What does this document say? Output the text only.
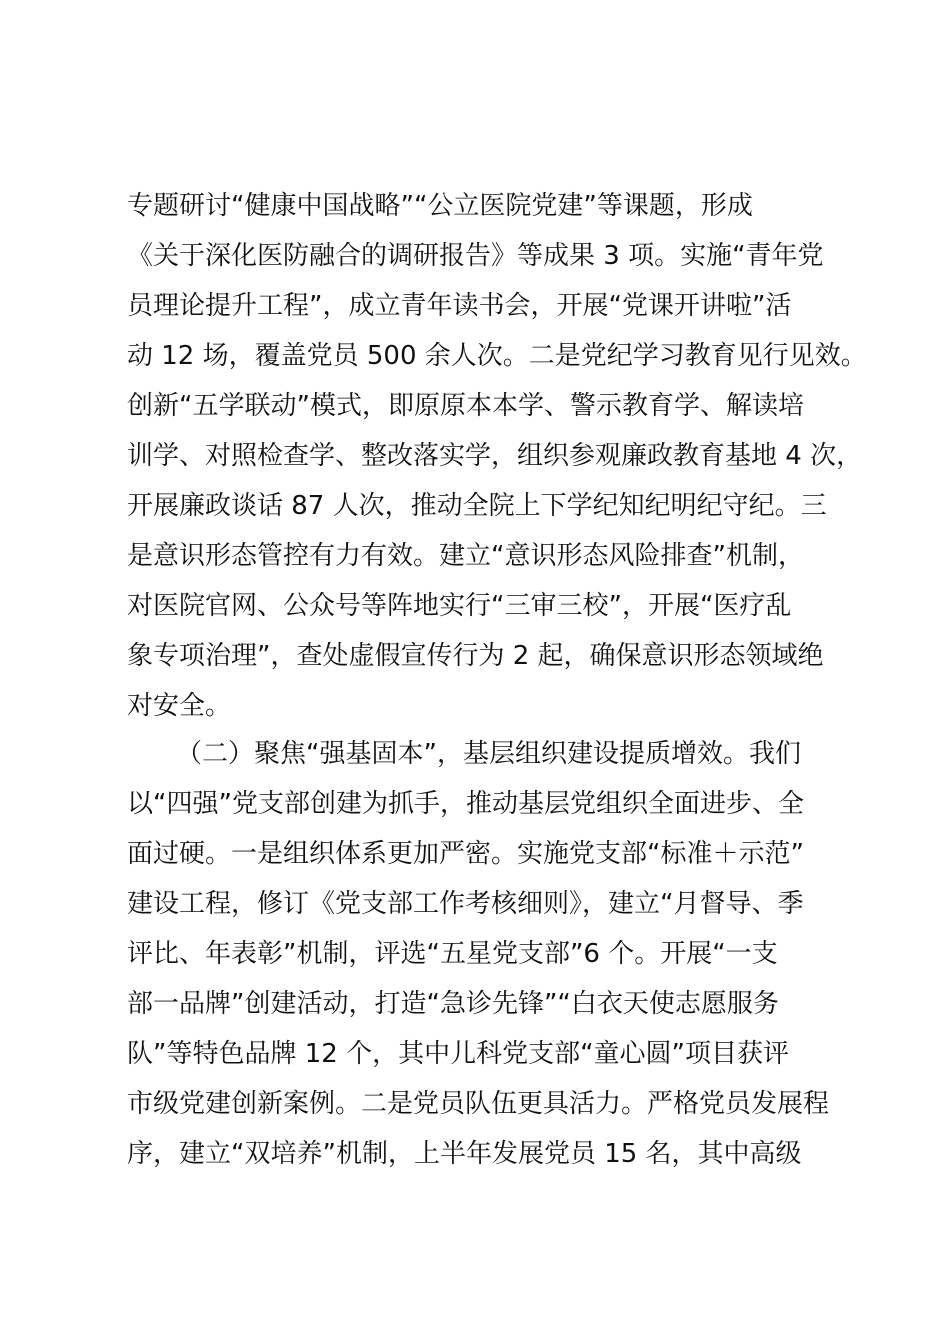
专题研讨“健康中国战略”“公立医院党建”等课题，形成
《关于深化医防融合的调研报告》等成果 3 项。实施“青年党
员理论提升工程”，成立青年读书会，开展“党课开讲啦”活
动 12 场，覆盖党员 500 余人次。二是党纪学习教育见行见效。
创新“五学联动”模式，即原原本本学、警示教育学、解读培
训学、对照检查学、整改落实学，组织参观廉政教育基地 4 次，
开展廉政谈话 87 人次，推动全院上下学纪知纪明纪守纪。三
是意识形态管控有力有效。建立“意识形态风险排查”机制，
对医院官网、公众号等阵地实行“三审三校”，开展“医疗乱
象专项治理”，查处虚假宣传行为 2 起，确保意识形态领域绝
对安全。
（二）聚焦“强基固本”，基层组织建设提质增效。我们
以“四强”党支部创建为抓手，推动基层党组织全面进步、全
面过硬。一是组织体系更加严密。实施党支部“标准＋示范”
建设工程，修订《党支部工作考核细则》，建立“月督导、季
评比、年表彰”机制，评选“五星党支部”6 个。开展“一支
部一品牌”创建活动，打造“急诊先锋”“白衣天使志愿服务
队”等特色品牌 12 个，其中儿科党支部“童心圆”项目获评
市级党建创新案例。二是党员队伍更具活力。严格党员发展程
序，建立“双培养”机制，上半年发展党员 15 名，其中高级
